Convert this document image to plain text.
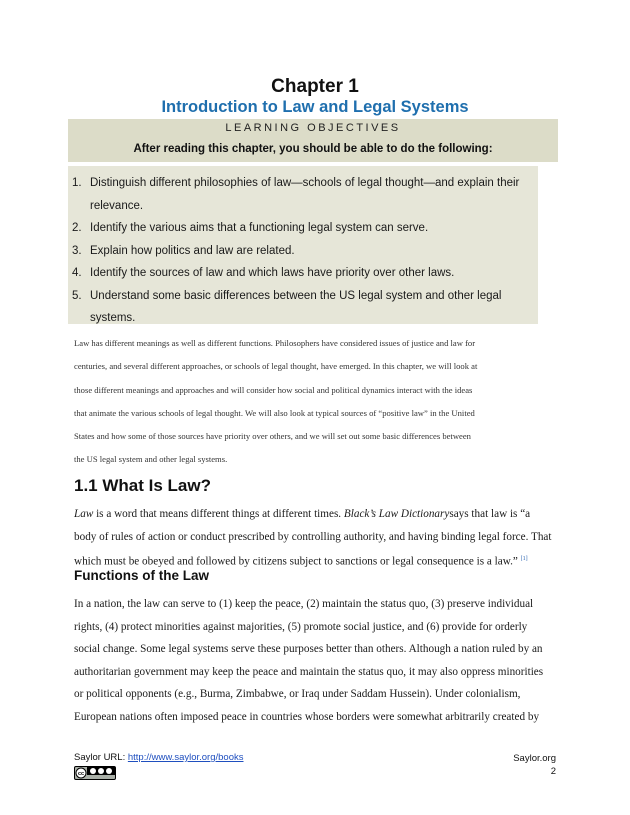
Chapter 1
Introduction to Law and Legal Systems
LEARNING OBJECTIVES
After reading this chapter, you should be able to do the following:
1. Distinguish different philosophies of law—schools of legal thought—and explain their
relevance.
2. Identify the various aims that a functioning legal system can serve.
3. Explain how politics and law are related.
4. Identify the sources of law and which laws have priority over other laws.
5. Understand some basic differences between the US legal system and other legal
systems.
Law has different meanings as well as different functions. Philosophers have considered issues of justice and law for
centuries, and several different approaches, or schools of legal thought, have emerged. In this chapter, we will look at
those different meanings and approaches and will consider how social and political dynamics interact with the ideas
that animate the various schools of legal thought. We will also look at typical sources of “positive law” in the United
States and how some of those sources have priority over others, and we will set out some basic differences between
the US legal system and other legal systems.
1.1 What Is Law?
Law is a word that means different things at different times. Black’s Law Dictionarysays that law is “a
body of rules of action or conduct prescribed by controlling authority, and having binding legal force. That
which must be obeyed and followed by citizens subject to sanctions or legal consequence is a law.” [1]
Functions of the Law
In a nation, the law can serve to (1) keep the peace, (2) maintain the status quo, (3) preserve individual
rights, (4) protect minorities against majorities, (5) promote social justice, and (6) provide for orderly
social change. Some legal systems serve these purposes better than others. Although a nation ruled by an
authoritarian government may keep the peace and maintain the status quo, it may also oppress minorities
or political opponents (e.g., Burma, Zimbabwe, or Iraq under Saddam Hussein). Under colonialism,
European nations often imposed peace in countries whose borders were somewhat arbitrarily created by
Saylor URL: http://www.saylor.org/books	Saylor.org
2
cc
